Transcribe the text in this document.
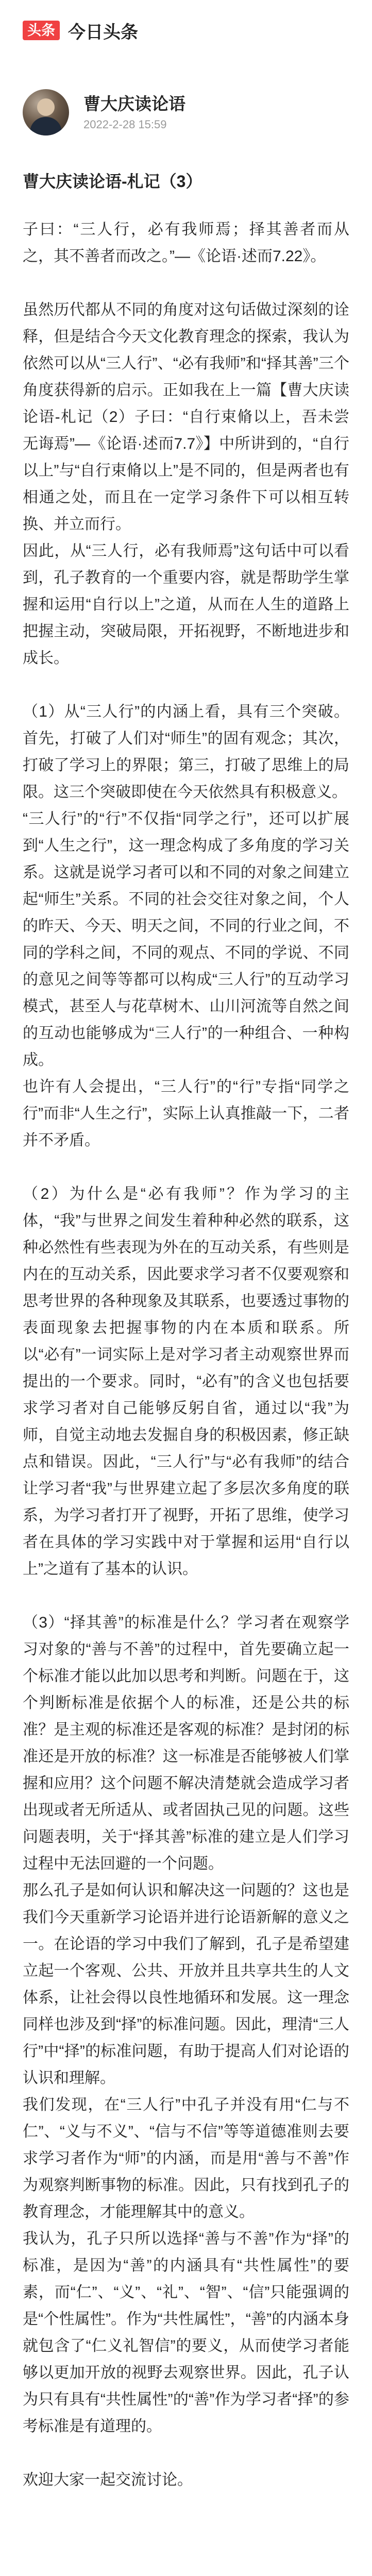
头条 今日头条
曹大庆读论语
2022-2-28 15:59
曹大庆读论语-札记（3）

子曰：“三人行，必有我师焉；择其善者而从之，其不善者而改之。”—《论语·述而7.22》。

虽然历代都从不同的角度对这句话做过深刻的诠释，但是结合今天文化教育理念的探索，我认为依然可以从“三人行”、“必有我师”和“择其善”三个角度获得新的启示。正如我在上一篇【曹大庆读论语-札记（2）子曰：“自行束脩以上，吾未尝无诲焉”—《论语·述而7.7》】中所讲到的，“自行以上”与“自行束脩以上”是不同的，但是两者也有相通之处，而且在一定学习条件下可以相互转换、并立而行。

因此，从“三人行，必有我师焉”这句话中可以看到，孔子教育的一个重要内容，就是帮助学生掌握和运用“自行以上”之道，从而在人生的道路上把握主动，突破局限，开拓视野，不断地进步和成长。

（1）从“三人行”的内涵上看，具有三个突破。首先，打破了人们对“师生”的固有观念；其次，打破了学习上的界限；第三，打破了思维上的局限。这三个突破即使在今天依然具有积极意义。

“三人行”的“行”不仅指“同学之行”，还可以扩展到“人生之行”，这一理念构成了多角度的学习关系。这就是说学习者可以和不同的对象之间建立起“师生”关系。不同的社会交往对象之间，个人的昨天、今天、明天之间，不同的行业之间，不同的学科之间，不同的观点、不同的学说、不同的意见之间等等都可以构成“三人行”的互动学习模式，甚至人与花草树木、山川河流等自然之间的互动也能够成为“三人行”的一种组合、一种构成。

也许有人会提出，“三人行”的“行”专指“同学之行”而非“人生之行”，实际上认真推敲一下，二者并不矛盾。

（2）为什么是“必有我师”？作为学习的主体，“我”与世界之间发生着种种必然的联系，这种必然性有些表现为外在的互动关系，有些则是内在的互动关系，因此要求学习者不仅要观察和思考世界的各种现象及其联系，也要透过事物的表面现象去把握事物的内在本质和联系。所以“必有”一词实际上是对学习者主动观察世界而提出的一个要求。同时，“必有”的含义也包括要求学习者对自己能够反躬自省，通过以“我”为师，自觉主动地去发掘自身的积极因素，修正缺点和错误。因此，“三人行”与“必有我师”的结合让学习者“我”与世界建立起了多层次多角度的联系，为学习者打开了视野，开拓了思维，使学习者在具体的学习实践中对于掌握和运用“自行以上”之道有了基本的认识。

（3）“择其善”的标准是什么？学习者在观察学习对象的“善与不善”的过程中，首先要确立起一个标准才能以此加以思考和判断。问题在于，这个判断标准是依据个人的标准，还是公共的标准？是主观的标准还是客观的标准？是封闭的标准还是开放的标准？这一标准是否能够被人们掌握和应用？这个问题不解决清楚就会造成学习者出现或者无所适从、或者固执己见的问题。这些问题表明，关于“择其善”标准的建立是人们学习过程中无法回避的一个问题。

那么孔子是如何认识和解决这一问题的？这也是我们今天重新学习论语并进行论语新解的意义之一。在论语的学习中我们了解到，孔子是希望建立起一个客观、公共、开放并且共享共生的人文体系，让社会得以良性地循环和发展。这一理念同样也涉及到“择”的标准问题。因此，理清“三人行”中“择”的标准问题，有助于提高人们对论语的认识和理解。

我们发现，在“三人行”中孔子并没有用“仁与不仁”、“义与不义”、“信与不信”等等道德准则去要求学习者作为“师”的内涵，而是用“善与不善”作为观察判断事物的标准。因此，只有找到孔子的教育理念，才能理解其中的意义。

我认为，孔子只所以选择“善与不善”作为“择”的标准，是因为“善”的内涵具有“共性属性”的要素，而“仁”、“义”、“礼”、“智”、“信”只能强调的是“个性属性”。作为“共性属性”，“善”的内涵本身就包含了“仁义礼智信”的要义，从而使学习者能够以更加开放的视野去观察世界。因此，孔子认为只有具有“共性属性”的“善”作为学习者“择”的参考标准是有道理的。

欢迎大家一起交流讨论。
